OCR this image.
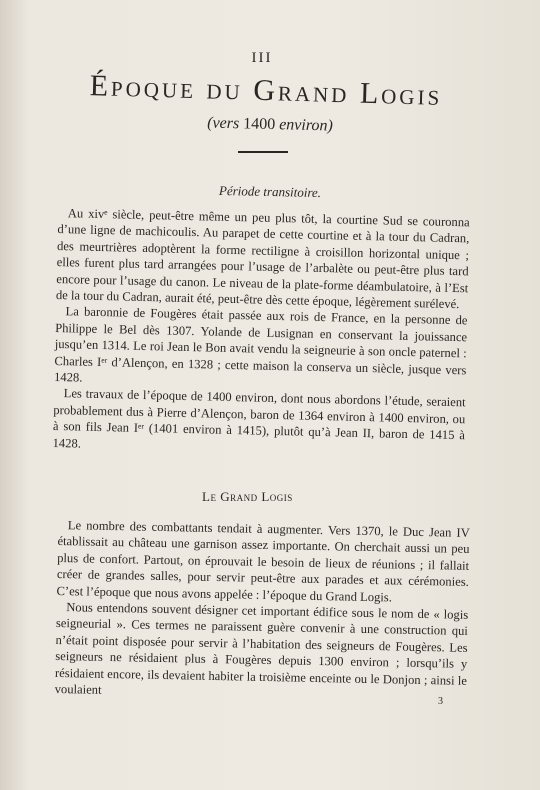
III
Époque du Grand Logis
(vers 1400 environ)
Période transitoire.

Au xivᵉ siècle, peut-être même un peu plus tôt, la courtine Sud se couronna d’une ligne de machicoulis. Au parapet de cette courtine et à la tour du Cadran, des meurtrières adoptèrent la forme rectiligne à croisillon horizontal unique ; elles furent plus tard arrangées pour l’usage de l’arbalète ou peut-être plus tard encore pour l’usage du canon. Le niveau de la plate-forme déambulatoire, à l’Est de la tour du Cadran, aurait été, peut-être dès cette époque, légèrement surélevé.

La baronnie de Fougères était passée aux rois de France, en la personne de Philippe le Bel dès 1307. Yolande de Lusignan en conservant la jouissance jusqu’en 1314. Le roi Jean le Bon avait vendu la seigneurie à son oncle paternel : Charles Iᵉʳ d’Alençon, en 1328 ; cette maison la conserva un siècle, jusque vers 1428.

Les travaux de l’époque de 1400 environ, dont nous abordons l’étude, seraient probablement dus à Pierre d’Alençon, baron de 1364 environ à 1400 environ, ou à son fils Jean Iᵉʳ (1401 environ à 1415), plutôt qu’à Jean II, baron de 1415 à 1428.

Le Grand Logis

Le nombre des combattants tendait à augmenter. Vers 1370, le Duc Jean IV établissait au château une garnison assez importante. On cherchait aussi un peu plus de confort. Partout, on éprouvait le besoin de lieux de réunions ; il fallait créer de grandes salles, pour servir peut-être aux parades et aux cérémonies. C’est l’époque que nous avons appelée : l’époque du Grand Logis.

Nous entendons souvent désigner cet important édifice sous le nom de « logis seigneurial ». Ces termes ne paraissent guère convenir à une construction qui n’était point disposée pour servir à l’habitation des seigneurs de Fougères. Les seigneurs ne résidaient plus à Fougères depuis 1300 environ ; lorsqu’ils y résidaient encore, ils devaient habiter la troisième enceinte ou le Donjon ; ainsi le voulaient

3
